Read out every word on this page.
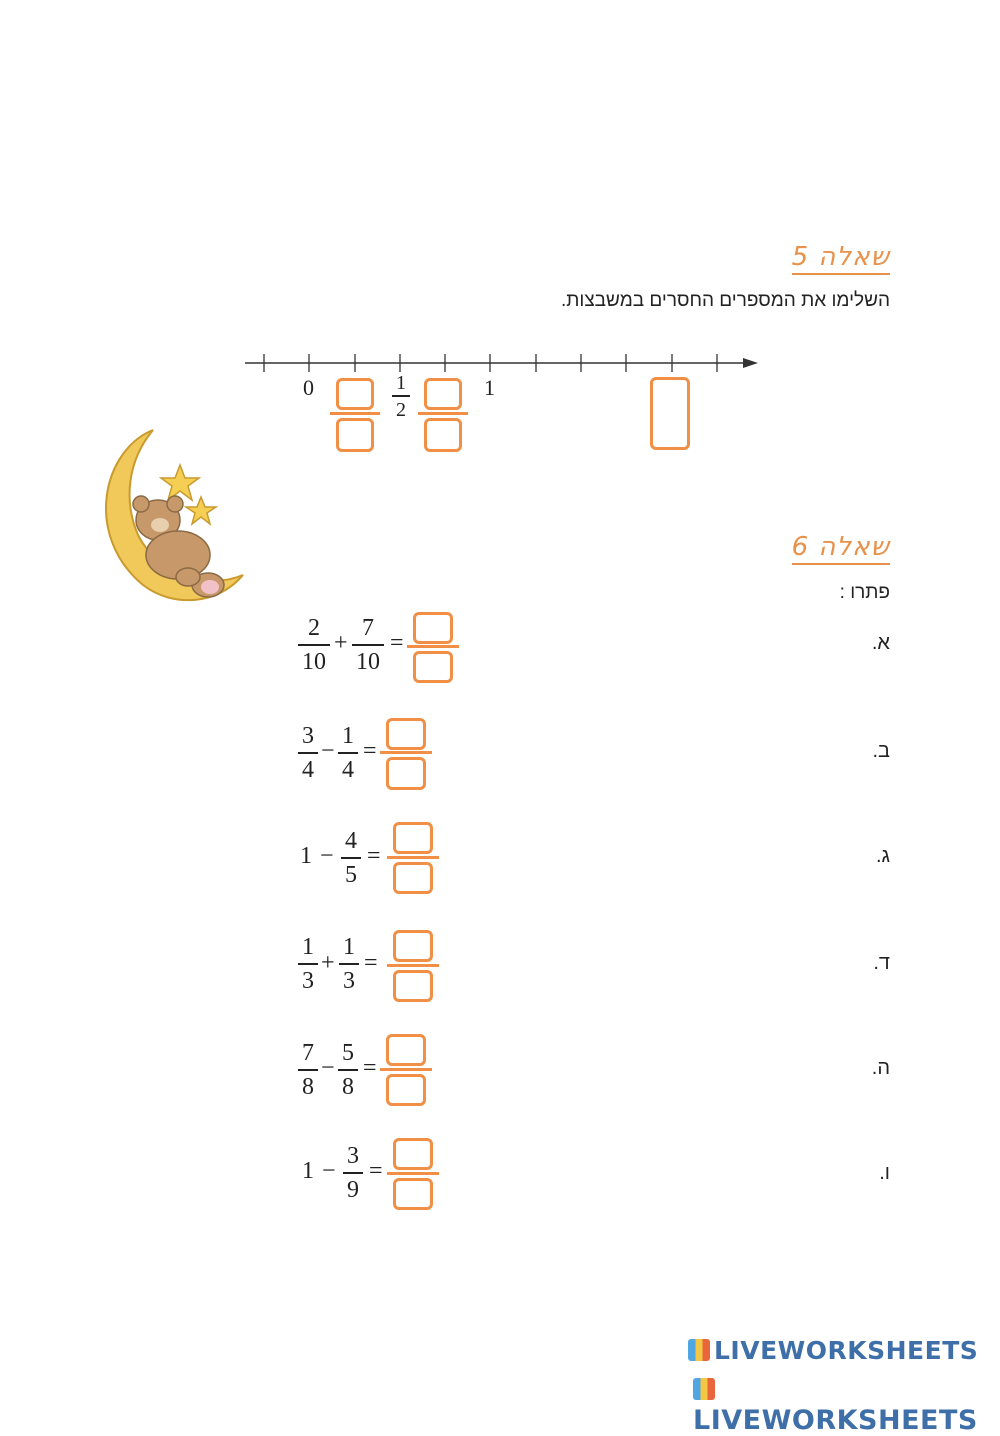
שאלה 5
השלימו את המספרים החסרים במשבצות.
0	1
2
1
שאלה 6
פתרו :
א.
2
10
+
7
10
=
ב.
3
4
−
1
4
=
ג.
1 −
4
5
=
ד.
1
3
+
1
3
=
ה.
7
8
−
5
8
=
ו.
1 −
3
9
=
LIVEWORKSHEETS
LIVEWORKSHEETS
